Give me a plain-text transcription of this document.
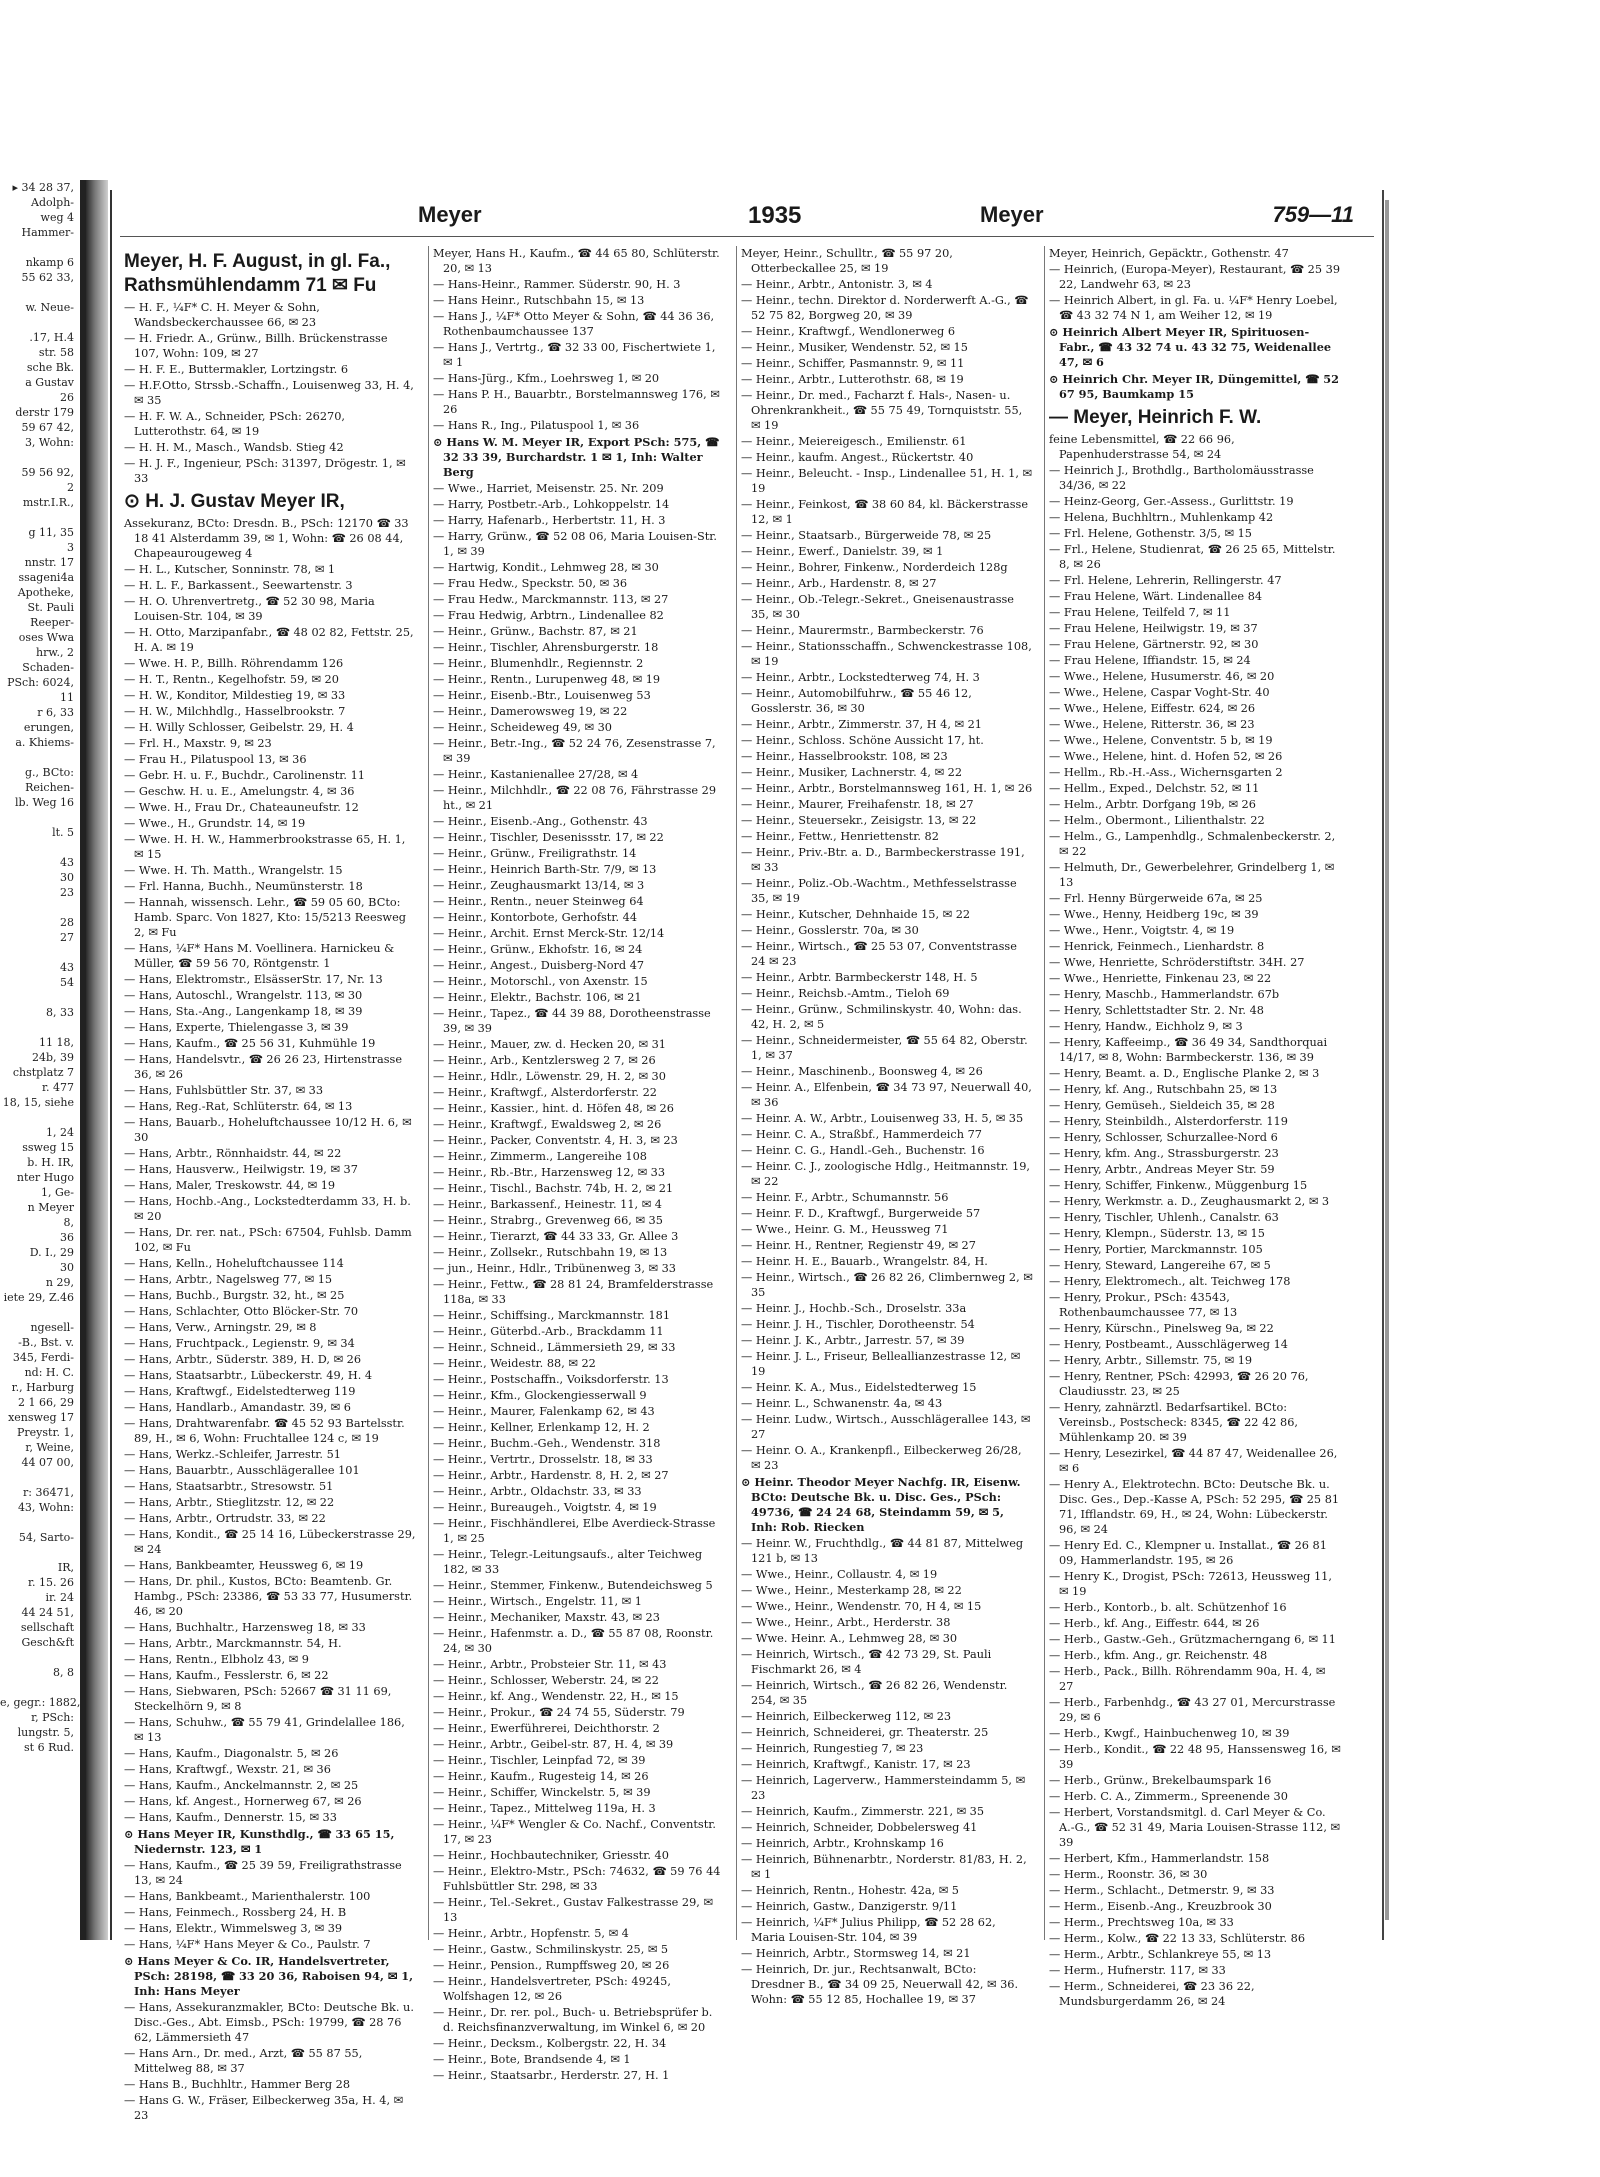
▸ 34 28 37,
Adolph-
weg 4
Hammer-

nkamp 6
55 62 33,

w. Neue-

.17, H.4
str. 58
sche Bk.
a Gustav
26
derstr 179
59 67 42,
3, Wohn:

59 56 92,
2
mstr.I.R.,

g 11, 35
3
nnstr. 17
ssageni4a
Apotheke,
St. Pauli
Reeper-
oses Wwa
hrw., 2
Schaden-
PSch: 6024,
11
r 6, 33
erungen,
a. Khiems-

g., BCto:
Reichen-
lb. Weg 16

lt. 5

43
30
23

28
27

43
54

8, 33

11 18,
24b, 39
chstplatz 7
r. 477
18, 15, siehe

1, 24
ssweg 15
b. H. IR,
nter Hugo
1, Ge-
n Meyer
8,
36
D. I., 29
30
n 29,
iete 29, Z.46

ngesell-
-B., Bst. v.
345, Ferdi-
nd: H. C.
r., Harburg
2 1 66, 29
xensweg 17
Preystr. 1,
r, Weine,
44 07 00,

r: 36471,
43, Wohn:

54, Sarto-

IR,
r. 15. 26
ir. 24
44 24 51,
sellschaft
Gesch&ft

8, 8

e, gegr.: 1882,
r, PSch:
lungstr. 5,
st 6 Rud.
Meyer	1935	Meyer	759—11
Meyer, H. F. August, in gl. Fa., Rathsmühlendamm 71 ✉ Fu
— H. F., ¼F* C. H. Meyer & Sohn, Wandsbeckerchaussee 66, ✉ 23
— H. Friedr. A., Grünw., Billh. Brückenstrasse 107, Wohn: 109, ✉ 27
— H. F. E., Buttermakler, Lortzingstr. 6
— H.F.Otto, Strssb.-Schaffn., Louisenweg 33, H. 4, ✉ 35
— H. F. W. A., Schneider, PSch: 26270, Lutterothstr. 64, ✉ 19
— H. H. M., Masch., Wandsb. Stieg 42
— H. J. F., Ingenieur, PSch: 31397, Drögestr. 1, ✉ 33
⊙ H. J. Gustav Meyer IR,
Assekuranz, BCto: Dresdn. B., PSch: 12170 ☎ 33 18 41 Alsterdamm 39, ✉ 1, Wohn: ☎ 26 08 44, Chapeaurougeweg 4
— H. L., Kutscher, Sonninstr. 78, ✉ 1
— H. L. F., Barkassent., Seewartenstr. 3
— H. O. Uhrenvertretg., ☎ 52 30 98, Maria Louisen-Str. 104, ✉ 39
— H. Otto, Marzipanfabr., ☎ 48 02 82, Fettstr. 25, H. A. ✉ 19
— Wwe. H. P., Billh. Röhrendamm 126
— H. T., Rentn., Kegelhofstr. 59, ✉ 20
— H. W., Konditor, Mildestieg 19, ✉ 33
— H. W., Milchhdlg., Hasselbrookstr. 7
— H. Willy Schlosser, Geibelstr. 29, H. 4
— Frl. H., Maxstr. 9, ✉ 23
— Frau H., Pilatuspool 13, ✉ 36
— Gebr. H. u. F., Buchdr., Carolinenstr. 11
— Geschw. H. u. E., Amelungstr. 4, ✉ 36
— Wwe. H., Frau Dr., Chateauneufstr. 12
— Wwe., H., Grundstr. 14, ✉ 19
— Wwe. H. H. W., Hammerbrookstrasse 65, H. 1, ✉ 15
— Wwe. H. Th. Matth., Wrangelstr. 15
— Frl. Hanna, Buchh., Neumünsterstr. 18
— Hannah, wissensch. Lehr., ☎ 59 05 60, BCto: Hamb. Sparc. Von 1827, Kto: 15/5213 Reesweg 2, ✉ Fu
— Hans, ¼F* Hans M. Voellinera. Harnickeu & Müller, ☎ 59 56 70, Röntgenstr. 1
— Hans, Elektromstr., ElsässerStr. 17, Nr. 13
— Hans, Autoschl., Wrangelstr. 113, ✉ 30
— Hans, Sta.-Ang., Langenkamp 18, ✉ 39
— Hans, Experte, Thielengasse 3, ✉ 39
— Hans, Kaufm., ☎ 25 56 31, Kuhmühle 19
— Hans, Handelsvtr., ☎ 26 26 23, Hirtenstrasse 36, ✉ 26
— Hans, Fuhlsbüttler Str. 37, ✉ 33
— Hans, Reg.-Rat, Schlüterstr. 64, ✉ 13
— Hans, Bauarb., Hoheluftchaussee 10/12 H. 6, ✉ 30
— Hans, Arbtr., Rönnhaidstr. 44, ✉ 22
— Hans, Hausverw., Heilwigstr. 19, ✉ 37
— Hans, Maler, Treskowstr. 44, ✉ 19
— Hans, Hochb.-Ang., Lockstedterdamm 33, H. b. ✉ 20
— Hans, Dr. rer. nat., PSch: 67504, Fuhlsb. Damm 102, ✉ Fu
— Hans, Kelln., Hoheluftchaussee 114
— Hans, Arbtr., Nagelsweg 77, ✉ 15
— Hans, Buchb., Burgstr. 32, ht., ✉ 25
— Hans, Schlachter, Otto Blöcker-Str. 70
— Hans, Verw., Arningstr. 29, ✉ 8
— Hans, Fruchtpack., Legienstr. 9, ✉ 34
— Hans, Arbtr., Süderstr. 389, H. D, ✉ 26
— Hans, Staatsarbtr., Lübeckerstr. 49, H. 4
— Hans, Kraftwgf., Eidelstedterweg 119
— Hans, Handlarb., Amandastr. 39, ✉ 6
— Hans, Drahtwarenfabr. ☎ 45 52 93 Bartelsstr. 89, H., ✉ 6, Wohn: Fruchtallee 124 c, ✉ 19
— Hans, Werkz.-Schleifer, Jarrestr. 51
— Hans, Bauarbtr., Ausschlägerallee 101
— Hans, Staatsarbtr., Stresowstr. 51
— Hans, Arbtr., Stieglitzstr. 12, ✉ 22
— Hans, Arbtr., Ortrudstr. 33, ✉ 22
— Hans, Kondit., ☎ 25 14 16, Lübeckerstrasse 29, ✉ 24
— Hans, Bankbeamter, Heussweg 6, ✉ 19
— Hans, Dr. phil., Kustos, BCto: Beamtenb. Gr. Hambg., PSch: 23386, ☎ 53 33 77, Husumerstr. 46, ✉ 20
— Hans, Buchhaltr., Harzensweg 18, ✉ 33
— Hans, Arbtr., Marckmannstr. 54, H.
— Hans, Rentn., Elbholz 43, ✉ 9
— Hans, Kaufm., Fesslerstr. 6, ✉ 22
— Hans, Siebwaren, PSch: 52667 ☎ 31 11 69, Steckelhörn 9, ✉ 8
— Hans, Schuhw., ☎ 55 79 41, Grindelallee 186, ✉ 13
— Hans, Kaufm., Diagonalstr. 5, ✉ 26
— Hans, Kraftwgf., Wexstr. 21, ✉ 36
— Hans, Kaufm., Anckelmannstr. 2, ✉ 25
— Hans, kf. Angest., Hornerweg 67, ✉ 26
— Hans, Kaufm., Dennerstr. 15, ✉ 33
⊙ Hans Meyer IR, Kunsthdlg., ☎ 33 65 15, Niedernstr. 123, ✉ 1
— Hans, Kaufm., ☎ 25 39 59, Freiligrathstrasse 13, ✉ 24
— Hans, Bankbeamt., Marienthalerstr. 100
— Hans, Feinmech., Rossberg 24, H. B
— Hans, Elektr., Wimmelsweg 3, ✉ 39
— Hans, ¼F* Hans Meyer & Co., Paulstr. 7
⊙ Hans Meyer & Co. IR, Handelsvertreter, PSch: 28198, ☎ 33 20 36, Raboisen 94, ✉ 1, Inh: Hans Meyer
— Hans, Assekuranzmakler, BCto: Deutsche Bk. u. Disc.-Ges., Abt. Eimsb., PSch: 19799, ☎ 28 76 62, Lämmersieth 47
— Hans Arn., Dr. med., Arzt, ☎ 55 87 55, Mittelweg 88, ✉ 37
— Hans B., Buchhltr., Hammer Berg 28
— Hans G. W., Fräser, Eilbeckerweg 35a, H. 4, ✉ 23
Meyer, Hans H., Kaufm., ☎ 44 65 80, Schlüterstr. 20, ✉ 13
— Hans-Heinr., Rammer. Süderstr. 90, H. 3
— Hans Heinr., Rutschbahn 15, ✉ 13
— Hans J., ¼F* Otto Meyer & Sohn, ☎ 44 36 36, Rothenbaumchaussee 137
— Hans J., Vertrtg., ☎ 32 33 00, Fischertwiete 1, ✉ 1
— Hans-Jürg., Kfm., Loehrsweg 1, ✉ 20
— Hans P. H., Bauarbtr., Borstelmannsweg 176, ✉ 26
— Hans R., Ing., Pilatuspool 1, ✉ 36
⊙ Hans W. M. Meyer IR, Export PSch: 575, ☎ 32 33 39, Burchardstr. 1 ✉ 1, Inh: Walter Berg
— Wwe., Harriet, Meisenstr. 25. Nr. 209
— Harry, Postbetr.-Arb., Lohkoppelstr. 14
— Harry, Hafenarb., Herbertstr. 11, H. 3
— Harry, Grünw., ☎ 52 08 06, Maria Louisen-Str. 1, ✉ 39
— Hartwig, Kondit., Lehmweg 28, ✉ 30
— Frau Hedw., Speckstr. 50, ✉ 36
— Frau Hedw., Marckmannstr. 113, ✉ 27
— Frau Hedwig, Arbtrn., Lindenallee 82
— Heinr., Grünw., Bachstr. 87, ✉ 21
— Heinr., Tischler, Ahrensburgerstr. 18
— Heinr., Blumenhdlr., Regiennstr. 2
— Heinr., Rentn., Lurupenweg 48, ✉ 19
— Heinr., Eisenb.-Btr., Louisenweg 53
— Heinr., Damerowsweg 19, ✉ 22
— Heinr., Scheideweg 49, ✉ 30
— Heinr., Betr.-Ing., ☎ 52 24 76, Zesenstrasse 7, ✉ 39
— Heinr., Kastanienallee 27/28, ✉ 4
— Heinr., Milchhdlr., ☎ 22 08 76, Fährstrasse 29 ht., ✉ 21
— Heinr., Eisenb.-Ang., Gothenstr. 43
— Heinr., Tischler, Desenissstr. 17, ✉ 22
— Heinr., Grünw., Freiligrathstr. 14
— Heinr., Heinrich Barth-Str. 7/9, ✉ 13
— Heinr., Zeughausmarkt 13/14, ✉ 3
— Heinr., Rentn., neuer Steinweg 64
— Heinr., Kontorbote, Gerhofstr. 44
— Heinr., Archit. Ernst Merck-Str. 12/14
— Heinr., Grünw., Ekhofstr. 16, ✉ 24
— Heinr., Angest., Duisberg-Nord 47
— Heinr., Motorschl., von Axenstr. 15
— Heinr., Elektr., Bachstr. 106, ✉ 21
— Heinr., Tapez., ☎ 44 39 88, Dorotheenstrasse 39, ✉ 39
— Heinr., Mauer, zw. d. Hecken 20, ✉ 31
— Heinr., Arb., Kentzlersweg 2 7, ✉ 26
— Heinr., Hdlr., Löwenstr. 29, H. 2, ✉ 30
— Heinr., Kraftwgf., Alsterdorferstr. 22
— Heinr., Kassier., hint. d. Höfen 48, ✉ 26
— Heinr., Kraftwgf., Ewaldsweg 2, ✉ 26
— Heinr., Packer, Conventstr. 4, H. 3, ✉ 23
— Heinr., Zimmerm., Langereihe 108
— Heinr., Rb.-Btr., Harzensweg 12, ✉ 33
— Heinr., Tischl., Bachstr. 74b, H. 2, ✉ 21
— Heinr., Barkassenf., Heinestr. 11, ✉ 4
— Heinr., Strabrg., Grevenweg 66, ✉ 35
— Heinr., Tierarzt, ☎ 44 33 33, Gr. Allee 3
— Heinr., Zollsekr., Rutschbahn 19, ✉ 13
— jun., Heinr., Hdlr., Tribünenweg 3, ✉ 33
— Heinr., Fettw., ☎ 28 81 24, Bramfelderstrasse 118a, ✉ 33
— Heinr., Schiffsing., Marckmannstr. 181
— Heinr., Güterbd.-Arb., Brackdamm 11
— Heinr., Schneid., Lämmersieth 29, ✉ 33
— Heinr., Weidestr. 88, ✉ 22
— Heinr., Postschaffn., Voiksdorferstr. 13
— Heinr., Kfm., Glockengiesserwall 9
— Heinr., Maurer, Falenkamp 62, ✉ 43
— Heinr., Kellner, Erlenkamp 12, H. 2
— Heinr., Buchm.-Geh., Wendenstr. 318
— Heinr., Vertrtr., Drosselstr. 18, ✉ 33
— Heinr., Arbtr., Hardenstr. 8, H. 2, ✉ 27
— Heinr., Arbtr., Oldachstr. 33, ✉ 33
— Heinr., Bureaugeh., Voigtstr. 4, ✉ 19
— Heinr., Fischhändlerei, Elbe Averdieck-Strasse 1, ✉ 25
— Heinr., Telegr.-Leitungsaufs., alter Teichweg 182, ✉ 33
— Heinr., Stemmer, Finkenw., Butendeichsweg 5
— Heinr., Wirtsch., Engelstr. 11, ✉ 1
— Heinr., Mechaniker, Maxstr. 43, ✉ 23
— Heinr., Hafenmstr. a. D., ☎ 55 87 08, Roonstr. 24, ✉ 30
— Heinr., Arbtr., Probsteier Str. 11, ✉ 43
— Heinr., Schlosser, Weberstr. 24, ✉ 22
— Heinr., kf. Ang., Wendenstr. 22, H., ✉ 15
— Heinr., Prokur., ☎ 24 74 55, Süderstr. 79
— Heinr., Ewerführerei, Deichthorstr. 2
— Heinr., Arbtr., Geibel-str. 87, H. 4, ✉ 39
— Heinr., Tischler, Leinpfad 72, ✉ 39
— Heinr., Kaufm., Rugesteig 14, ✉ 26
— Heinr., Schiffer, Winckelstr. 5, ✉ 39
— Heinr., Tapez., Mittelweg 119a, H. 3
— Heinr., ¼F* Wengler & Co. Nachf., Conventstr. 17, ✉ 23
— Heinr., Hochbautechniker, Griesstr. 40
— Heinr., Elektro-Mstr., PSch: 74632, ☎ 59 76 44 Fuhlsbüttler Str. 298, ✉ 33
— Heinr., Tel.-Sekret., Gustav Falkestrasse 29, ✉ 13
— Heinr., Arbtr., Hopfenstr. 5, ✉ 4
— Heinr., Gastw., Schmilinskystr. 25, ✉ 5
— Heinr., Pension., Rumpffsweg 20, ✉ 26
— Heinr., Handelsvertreter, PSch: 49245, Wolfshagen 12, ✉ 26
— Heinr., Dr. rer. pol., Buch- u. Betriebsprüfer b. d. Reichsfinanzverwaltung, im Winkel 6, ✉ 20
— Heinr., Decksm., Kolbergstr. 22, H. 34
— Heinr., Bote, Brandsende 4, ✉ 1
— Heinr., Staatsarbr., Herderstr. 27, H. 1
Meyer, Heinr., Schulltr., ☎ 55 97 20, Otterbeckallee 25, ✉ 19
— Heinr., Arbtr., Antonistr. 3, ✉ 4
— Heinr., techn. Direktor d. Norderwerft A.-G., ☎ 52 75 82, Borgweg 20, ✉ 39
— Heinr., Kraftwgf., Wendlonerweg 6
— Heinr., Musiker, Wendenstr. 52, ✉ 15
— Heinr., Schiffer, Pasmannstr. 9, ✉ 11
— Heinr., Arbtr., Lutterothstr. 68, ✉ 19
— Heinr., Dr. med., Facharzt f. Hals-, Nasen- u. Ohrenkrankheit., ☎ 55 75 49, Tornquiststr. 55, ✉ 19
— Heinr., Meiereigesch., Emilienstr. 61
— Heinr., kaufm. Angest., Rückertstr. 40
— Heinr., Beleucht. - Insp., Lindenallee 51, H. 1, ✉ 19
— Heinr., Feinkost, ☎ 38 60 84, kl. Bäckerstrasse 12, ✉ 1
— Heinr., Staatsarb., Bürgerweide 78, ✉ 25
— Heinr., Ewerf., Danielstr. 39, ✉ 1
— Heinr., Bohrer, Finkenw., Norderdeich 128g
— Heinr., Arb., Hardenstr. 8, ✉ 27
— Heinr., Ob.-Telegr.-Sekret., Gneisenaustrasse 35, ✉ 30
— Heinr., Maurermstr., Barmbeckerstr. 76
— Heinr., Stationsschaffn., Schwenckestrasse 108, ✉ 19
— Heinr., Arbtr., Lockstedterweg 74, H. 3
— Heinr., Automobilfuhrw., ☎ 55 46 12, Gosslerstr. 36, ✉ 30
— Heinr., Arbtr., Zimmerstr. 37, H 4, ✉ 21
— Heinr., Schloss. Schöne Aussicht 17, ht.
— Heinr., Hasselbrookstr. 108, ✉ 23
— Heinr., Musiker, Lachnerstr. 4, ✉ 22
— Heinr., Arbtr., Borstelmannsweg 161, H. 1, ✉ 26
— Heinr., Maurer, Freihafenstr. 18, ✉ 27
— Heinr., Steuersekr., Zeisigstr. 13, ✉ 22
— Heinr., Fettw., Henriettenstr. 82
— Heinr., Priv.-Btr. a. D., Barmbeckerstrasse 191, ✉ 33
— Heinr., Poliz.-Ob.-Wachtm., Methfesselstrasse 35, ✉ 19
— Heinr., Kutscher, Dehnhaide 15, ✉ 22
— Heinr., Gosslerstr. 70a, ✉ 30
— Heinr., Wirtsch., ☎ 25 53 07, Conventstrasse 24 ✉ 23
— Heinr., Arbtr. Barmbeckerstr 148, H. 5
— Heinr., Reichsb.-Amtm., Tieloh 69
— Heinr., Grünw., Schmilinskystr. 40, Wohn: das. 42, H. 2, ✉ 5
— Heinr., Schneidermeister, ☎ 55 64 82, Oberstr. 1, ✉ 37
— Heinr., Maschinenb., Boonsweg 4, ✉ 26
— Heinr. A., Elfenbein, ☎ 34 73 97, Neuerwall 40, ✉ 36
— Heinr. A. W., Arbtr., Louisenweg 33, H. 5, ✉ 35
— Heinr. C. A., Straßbf., Hammerdeich 77
— Heinr. C. G., Handl.-Geh., Buchenstr. 16
— Heinr. C. J., zoologische Hdlg., Heitmannstr. 19, ✉ 22
— Heinr. F., Arbtr., Schumannstr. 56
— Heinr. F. D., Kraftwgf., Burgerweide 57
— Wwe., Heinr. G. M., Heussweg 71
— Heinr. H., Rentner, Regienstr 49, ✉ 27
— Heinr. H. E., Bauarb., Wrangelstr. 84, H.
— Heinr., Wirtsch., ☎ 26 82 26, Climbernweg 2, ✉ 35
— Heinr. J., Hochb.-Sch., Droselstr. 33a
— Heinr. J. H., Tischler, Dorotheenstr. 54
— Heinr. J. K., Arbtr., Jarrestr. 57, ✉ 39
— Heinr. J. L., Friseur, Belleallianzestrasse 12, ✉ 19
— Heinr. K. A., Mus., Eidelstedterweg 15
— Heinr. L., Schwanenstr. 4a, ✉ 43
— Heinr. Ludw., Wirtsch., Ausschlägerallee 143, ✉ 27
— Heinr. O. A., Krankenpfl., Eilbeckerweg 26/28, ✉ 23
⊙ Heinr. Theodor Meyer Nachfg. IR, Eisenw. BCto: Deutsche Bk. u. Disc. Ges., PSch: 49736, ☎ 24 24 68, Steindamm 59, ✉ 5, Inh: Rob. Riecken
— Heinr. W., Fruchthdlg., ☎ 44 81 87, Mittelweg 121 b, ✉ 13
— Wwe., Heinr., Collaustr. 4, ✉ 19
— Wwe., Heinr., Mesterkamp 28, ✉ 22
— Wwe., Heinr., Wendenstr. 70, H 4, ✉ 15
— Wwe., Heinr., Arbt., Herderstr. 38
— Wwe. Heinr. A., Lehmweg 28, ✉ 30
— Heinrich, Wirtsch., ☎ 42 73 29, St. Pauli Fischmarkt 26, ✉ 4
— Heinrich, Wirtsch., ☎ 26 82 26, Wendenstr. 254, ✉ 35
— Heinrich, Eilbeckerweg 112, ✉ 23
— Heinrich, Schneiderei, gr. Theaterstr. 25
— Heinrich, Rungestieg 7, ✉ 23
— Heinrich, Kraftwgf., Kanistr. 17, ✉ 23
— Heinrich, Lagerverw., Hammersteindamm 5, ✉ 23
— Heinrich, Kaufm., Zimmerstr. 221, ✉ 35
— Heinrich, Schneider, Dobbelersweg 41
— Heinrich, Arbtr., Krohnskamp 16
— Heinrich, Bühnenarbtr., Norderstr. 81/83, H. 2, ✉ 1
— Heinrich, Rentn., Hohestr. 42a, ✉ 5
— Heinrich, Gastw., Danzigerstr. 9/11
— Heinrich, ¼F* Julius Philipp, ☎ 52 28 62, Maria Louisen-Str. 104, ✉ 39
— Heinrich, Arbtr., Stormsweg 14, ✉ 21
— Heinrich, Dr. jur., Rechtsanwalt, BCto: Dresdner B., ☎ 34 09 25, Neuerwall 42, ✉ 36. Wohn: ☎ 55 12 85, Hochallee 19, ✉ 37
Meyer, Heinrich, Gepäcktr., Gothenstr. 47
— Heinrich, (Europa-Meyer), Restaurant, ☎ 25 39 22, Landwehr 63, ✉ 23
— Heinrich Albert, in gl. Fa. u. ¼F* Henry Loebel, ☎ 43 32 74 N 1, am Weiher 12, ✉ 19
⊙ Heinrich Albert Meyer IR, Spirituosen-Fabr., ☎ 43 32 74 u. 43 32 75, Weidenallee 47, ✉ 6
⊙ Heinrich Chr. Meyer IR, Düngemittel, ☎ 52 67 95, Baumkamp 15
— Meyer, Heinrich F. W.
feine Lebensmittel, ☎ 22 66 96, Papenhuderstrasse 54, ✉ 24
— Heinrich J., Brothdlg., Bartholomäusstrasse 34/36, ✉ 22
— Heinz-Georg, Ger.-Assess., Gurlittstr. 19
— Helena, Buchhltrn., Muhlenkamp 42
— Frl. Helene, Gothenstr. 3/5, ✉ 15
— Frl., Helene, Studienrat, ☎ 26 25 65, Mittelstr. 8, ✉ 26
— Frl. Helene, Lehrerin, Rellingerstr. 47
— Frau Helene, Wärt. Lindenallee 84
— Frau Helene, Teilfeld 7, ✉ 11
— Frau Helene, Heilwigstr. 19, ✉ 37
— Frau Helene, Gärtnerstr. 92, ✉ 30
— Frau Helene, Iffiandstr. 15, ✉ 24
— Wwe., Helene, Husumerstr. 46, ✉ 20
— Wwe., Helene, Caspar Voght-Str. 40
— Wwe., Helene, Eiffestr. 624, ✉ 26
— Wwe., Helene, Ritterstr. 36, ✉ 23
— Wwe., Helene, Conventstr. 5 b, ✉ 19
— Wwe., Helene, hint. d. Hofen 52, ✉ 26
— Hellm., Rb.-H.-Ass., Wichernsgarten 2
— Hellm., Exped., Delchstr. 52, ✉ 11
— Helm., Arbtr. Dorfgang 19b, ✉ 26
— Helm., Obermont., Lilienthalstr. 22
— Helm., G., Lampenhdlg., Schmalenbeckerstr. 2, ✉ 22
— Helmuth, Dr., Gewerbelehrer, Grindelberg 1, ✉ 13
— Frl. Henny Bürgerweide 67a, ✉ 25
— Wwe., Henny, Heidberg 19c, ✉ 39
— Wwe., Henr., Voigtstr. 4, ✉ 19
— Henrick, Feinmech., Lienhardstr. 8
— Wwe, Henriette, Schröderstiftstr. 34H. 27
— Wwe., Henriette, Finkenau 23, ✉ 22
— Henry, Maschb., Hammerlandstr. 67b
— Henry, Schlettstadter Str. 2. Nr. 48
— Henry, Handw., Eichholz 9, ✉ 3
— Henry, Kaffeeimp., ☎ 36 49 34, Sandthorquai 14/17, ✉ 8, Wohn: Barmbeckerstr. 136, ✉ 39
— Henry, Beamt. a. D., Englische Planke 2, ✉ 3
— Henry, kf. Ang., Rutschbahn 25, ✉ 13
— Henry, Gemüseh., Sieldeich 35, ✉ 28
— Henry, Steinbildh., Alsterdorferstr. 119
— Henry, Schlosser, Schurzallee-Nord 6
— Henry, kfm. Ang., Strassburgerstr. 23
— Henry, Arbtr., Andreas Meyer Str. 59
— Henry, Schiffer, Finkenw., Müggenburg 15
— Henry, Werkmstr. a. D., Zeughausmarkt 2, ✉ 3
— Henry, Tischler, Uhlenh., Canalstr. 63
— Henry, Klempn., Süderstr. 13, ✉ 15
— Henry, Portier, Marckmannstr. 105
— Henry, Steward, Langereihe 67, ✉ 5
— Henry, Elektromech., alt. Teichweg 178
— Henry, Prokur., PSch: 43543, Rothenbaumchaussee 77, ✉ 13
— Henry, Kürschn., Pinelsweg 9a, ✉ 22
— Henry, Postbeamt., Ausschlägerweg 14
— Henry, Arbtr., Sillemstr. 75, ✉ 19
— Henry, Rentner, PSch: 42993, ☎ 26 20 76, Claudiusstr. 23, ✉ 25
— Henry, zahnärztl. Bedarfsartikel. BCto: Vereinsb., Postscheck: 8345, ☎ 22 42 86, Mühlenkamp 20. ✉ 39
— Henry, Lesezirkel, ☎ 44 87 47, Weidenallee 26, ✉ 6
— Henry A., Elektrotechn. BCto: Deutsche Bk. u. Disc. Ges., Dep.-Kasse A, PSch: 52 295, ☎ 25 81 71, Ifflandstr. 69, H., ✉ 24, Wohn: Lübeckerstr. 96, ✉ 24
— Henry Ed. C., Klempner u. Installat., ☎ 26 81 09, Hammerlandstr. 195, ✉ 26
— Henry K., Drogist, PSch: 72613, Heussweg 11, ✉ 19
— Herb., Kontorb., b. alt. Schützenhof 16
— Herb., kf. Ang., Eiffestr. 644, ✉ 26
— Herb., Gastw.-Geh., Grützmacherngang 6, ✉ 11
— Herb., kfm. Ang., gr. Reichenstr. 48
— Herb., Pack., Billh. Röhrendamm 90a, H. 4, ✉ 27
— Herb., Farbenhdg., ☎ 43 27 01, Mercurstrasse 29, ✉ 6
— Herb., Kwgf., Hainbuchenweg 10, ✉ 39
— Herb., Kondit., ☎ 22 48 95, Hanssensweg 16, ✉ 39
— Herb., Grünw., Brekelbaumspark 16
— Herb. C. A., Zimmerm., Spreenende 30
— Herbert, Vorstandsmitgl. d. Carl Meyer & Co. A.-G., ☎ 52 31 49, Maria Louisen-Strasse 112, ✉ 39
— Herbert, Kfm., Hammerlandstr. 158
— Herm., Roonstr. 36, ✉ 30
— Herm., Schlacht., Detmerstr. 9, ✉ 33
— Herm., Eisenb.-Ang., Kreuzbrook 30
— Herm., Prechtsweg 10a, ✉ 33
— Herm., Kolw., ☎ 22 13 33, Schlüterstr. 86
— Herm., Arbtr., Schlankreye 55, ✉ 13
— Herm., Hufnerstr. 117, ✉ 33
— Herm., Schneiderei, ☎ 23 36 22, Mundsburgerdamm 26, ✉ 24
